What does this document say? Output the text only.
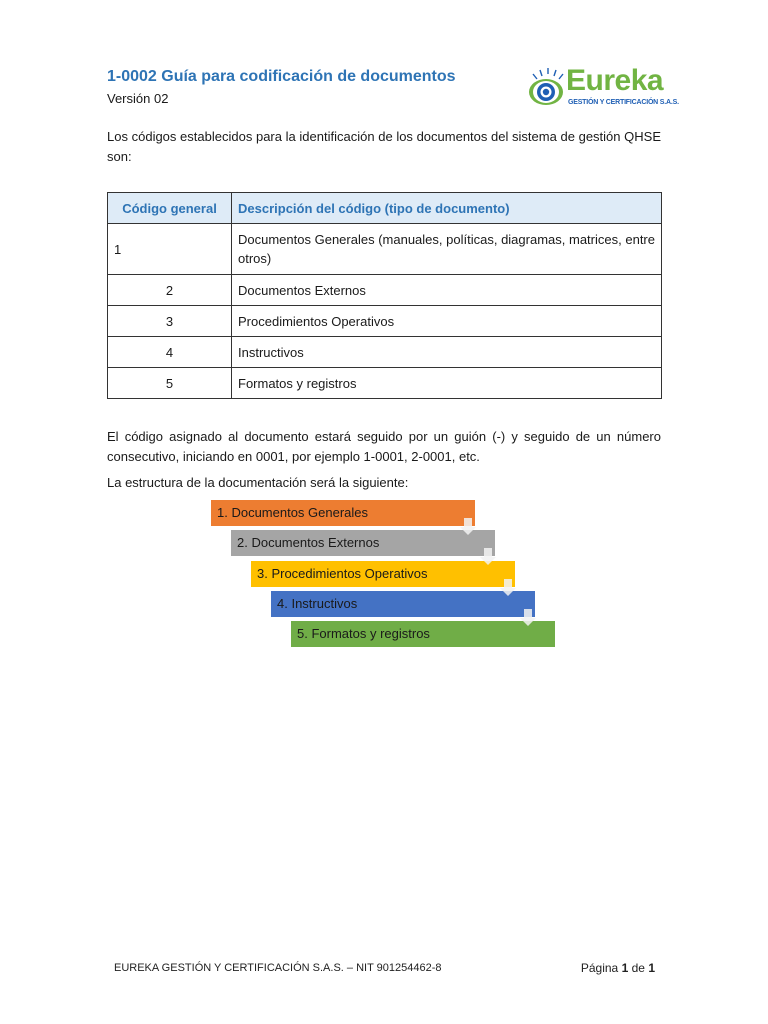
1-0002 Guía para codificación de documentos
Versión 02
Eureka
GESTIÓN Y CERTIFICACIÓN S.A.S.

Los códigos establecidos para la identificación de los documentos del sistema de gestión QHSE son:

Código general	Descripción del código (tipo de documento)
1	Documentos Generales (manuales, políticas, diagramas, matrices, entre otros)
2	Documentos Externos
3	Procedimientos Operativos
4	Instructivos
5	Formatos y registros

El código asignado al documento estará seguido por un guión (-) y seguido de un número consecutivo, iniciando en 0001, por ejemplo 1-0001, 2-0001, etc.

La estructura de la documentación será la siguiente:

1. Documentos Generales
2. Documentos Externos
3. Procedimientos Operativos
4. Instructivos
5. Formatos y registros
EUREKA GESTIÓN Y CERTIFICACIÓN S.A.S. – NIT 901254462-8	Página 1 de 1
